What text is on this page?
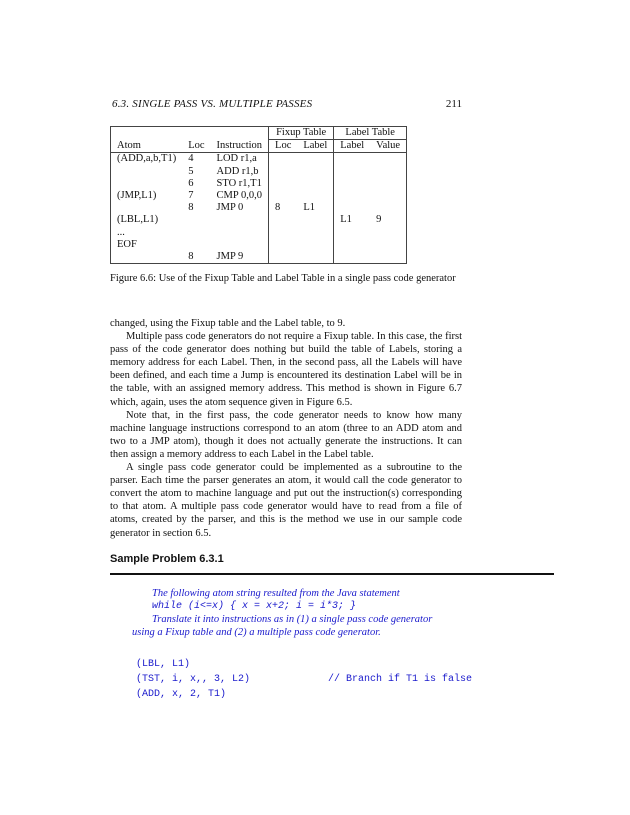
6.3. SINGLE PASS VS. MULTIPLE PASSES	211
			Fixup Table		Label Table	
Atom	Loc	Instruction	Loc	Label	Label	Value
(ADD,a,b,T1)	4	LOD r1,a				
	5	ADD r1,b				
	6	STO r1,T1				
(JMP,L1)	7	CMP 0,0,0				
	8	JMP 0	8	L1		
(LBL,L1)					L1	9
...						
EOF						
	8	JMP 9				
Figure 6.6: Use of the Fixup Table and Label Table in a single pass code generator

changed, using the Fixup table and the Label table, to 9.

Multiple pass code generators do not require a Fixup table. In this case, the first pass of the code generator does nothing but build the table of Labels, storing a memory address for each Label. Then, in the second pass, all the Labels will have been defined, and each time a Jump is encountered its destination Label will be in the table, with an assigned memory address. This method is shown in Figure 6.7 which, again, uses the atom sequence given in Figure 6.5.

Note that, in the first pass, the code generator needs to know how many machine language instructions correspond to an atom (three to an ADD atom and two to a JMP atom), though it does not actually generate the instructions. It can then assign a memory address to each Label in the Label table.

A single pass code generator could be implemented as a subroutine to the parser. Each time the parser generates an atom, it would call the code generator to convert the atom to machine language and put out the instruction(s) corresponding to that atom. A multiple pass code generator would have to read from a file of atoms, created by the parser, and this is the method we use in our sample code generator in section 6.5.

Sample Problem 6.3.1
The following atom string resulted from the Java statement
while (i<=x) { x = x+2; i = i*3; }
Translate it into instructions as in (1) a single pass code generator using a Fixup table and (2) a multiple pass code generator.
(LBL, L1)
(TST, i, x,, 3, L2)             // Branch if T1 is false
(ADD, x, 2, T1)
